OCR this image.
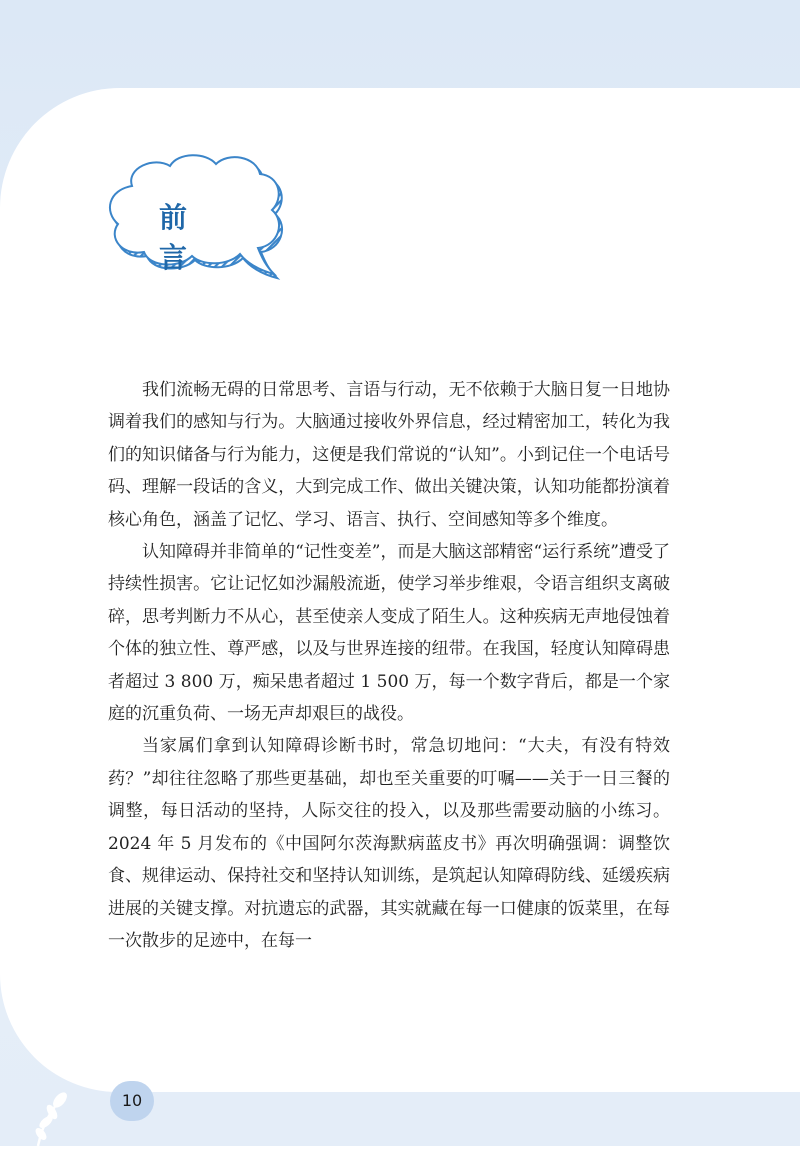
前 言

我们流畅无碍的日常思考、言语与行动，无不依赖于大脑日复一日地协调着我们的感知与行为。大脑通过接收外界信息，经过精密加工，转化为我们的知识储备与行为能力，这便是我们常说的“认知”。小到记住一个电话号码、理解一段话的含义，大到完成工作、做出关键决策，认知功能都扮演着核心角色，涵盖了记忆、学习、语言、执行、空间感知等多个维度。

认知障碍并非简单的“记性变差”，而是大脑这部精密“运行系统”遭受了持续性损害。它让记忆如沙漏般流逝，使学习举步维艰，令语言组织支离破碎，思考判断力不从心，甚至使亲人变成了陌生人。这种疾病无声地侵蚀着个体的独立性、尊严感，以及与世界连接的纽带。在我国，轻度认知障碍患者超过 3 800 万，痴呆患者超过 1 500 万，每一个数字背后，都是一个家庭的沉重负荷、一场无声却艰巨的战役。

当家属们拿到认知障碍诊断书时，常急切地问：“大夫，有没有特效药？”却往往忽略了那些更基础，却也至关重要的叮嘱——关于一日三餐的调整，每日活动的坚持，人际交往的投入，以及那些需要动脑的小练习。2024 年 5 月发布的《中国阿尔茨海默病蓝皮书》再次明确强调：调整饮食、规律运动、保持社交和坚持认知训练，是筑起认知障碍防线、延缓疾病进展的关键支撑。对抗遗忘的武器，其实就藏在每一口健康的饭菜里，在每一次散步的足迹中，在每一

10
